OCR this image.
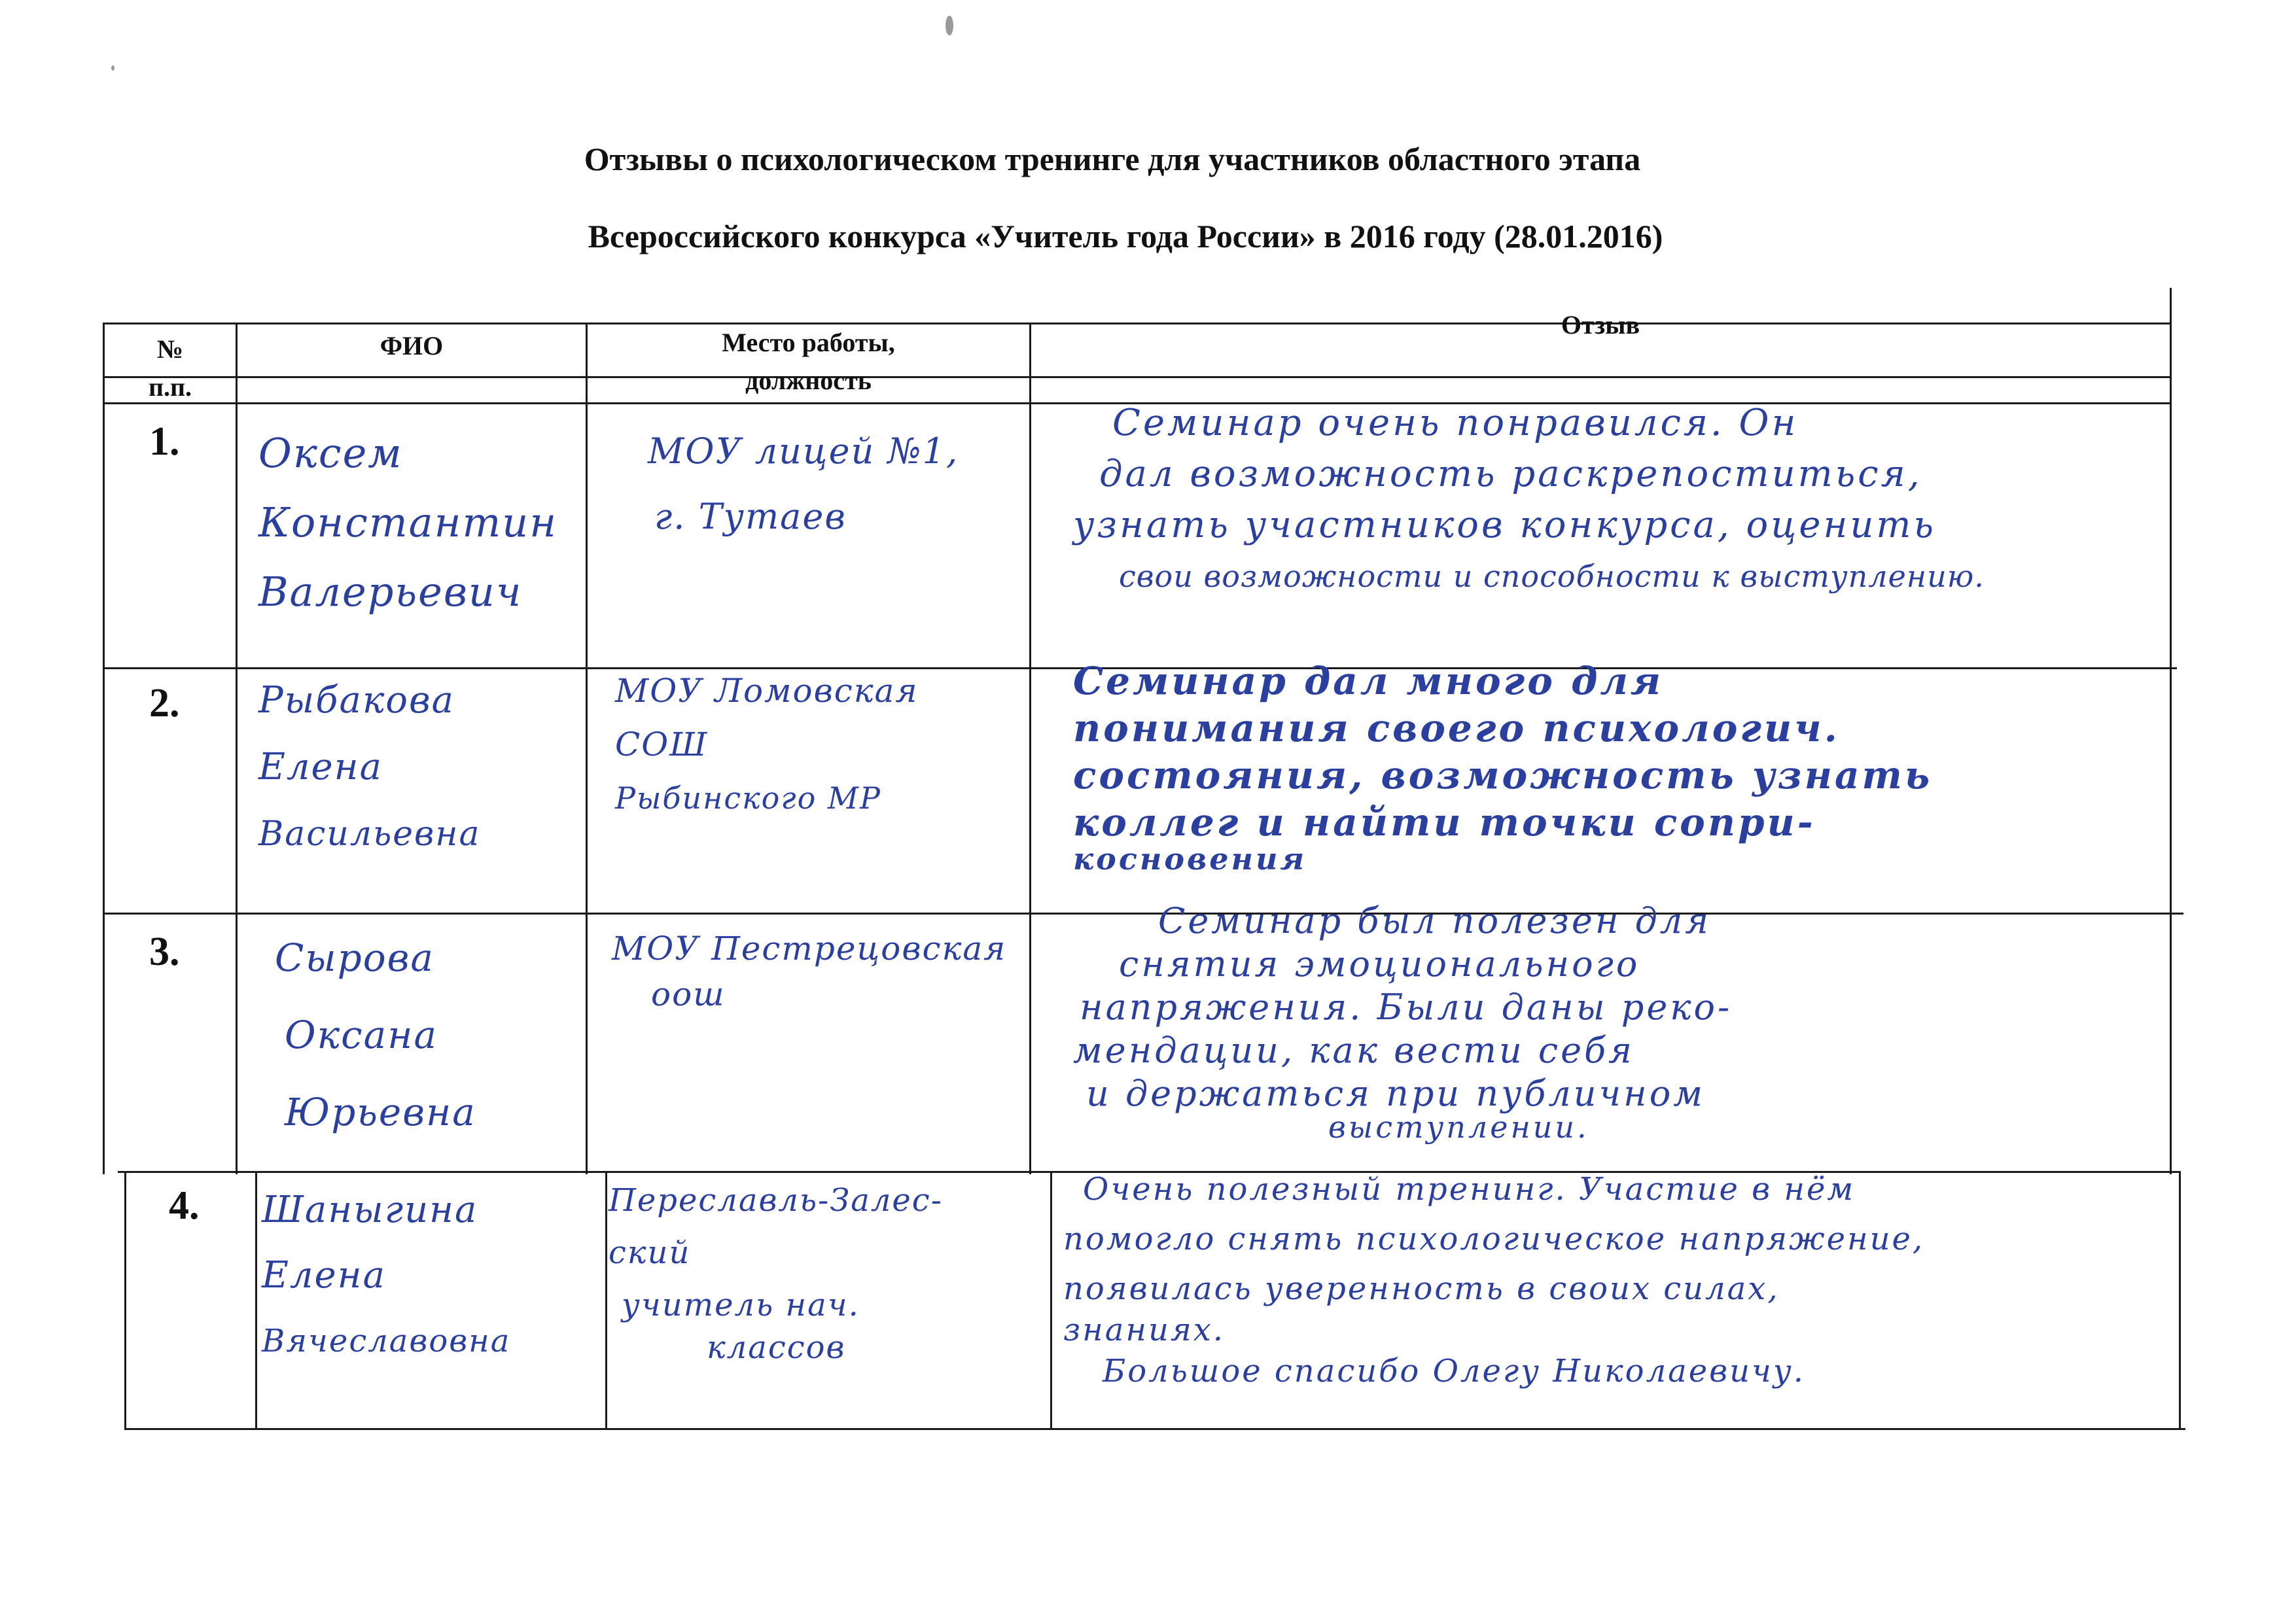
Отзывы о психологическом тренинге для участников областного этапа
Всероссийского конкурса «Учитель года России» в 2016 году (28.01.2016)
№
п.п.
ФИО	Место работы,
должность
Отзыв
1. Оксем
Константин
Валерьевич
МОУ лицей №1,
г. Тутаев
Семинар очень понравился. Он
дал возможность раскрепоститься,
узнать участников конкурса, оценить
свои возможности и способности к выступлению.
2. Рыбакова
Елена
Васильевна
МОУ Ломовская
СОШ
Рыбинского МР
Семинар дал много для
понимания своего психологич.
состояния, возможность узнать
коллег и найти точки сопри-
косновения
3.	Сырова
Оксана
Юрьевна
МОУ Пестрецовская
оош
Семинар был полезен для
снятия эмоционального
напряжения. Были даны реко-
мендации, как вести себя
и держаться при публичном
выступлении.
4. Шаныгина
Елена
Вячеславовна
Переславль-Залес-
ский
учитель нач.
классов
Очень полезный тренинг. Участие в нём
помогло снять психологическое напряжение,
появилась уверенность в своих силах,
знаниях.
Большое спасибо Олегу Николаевичу.
